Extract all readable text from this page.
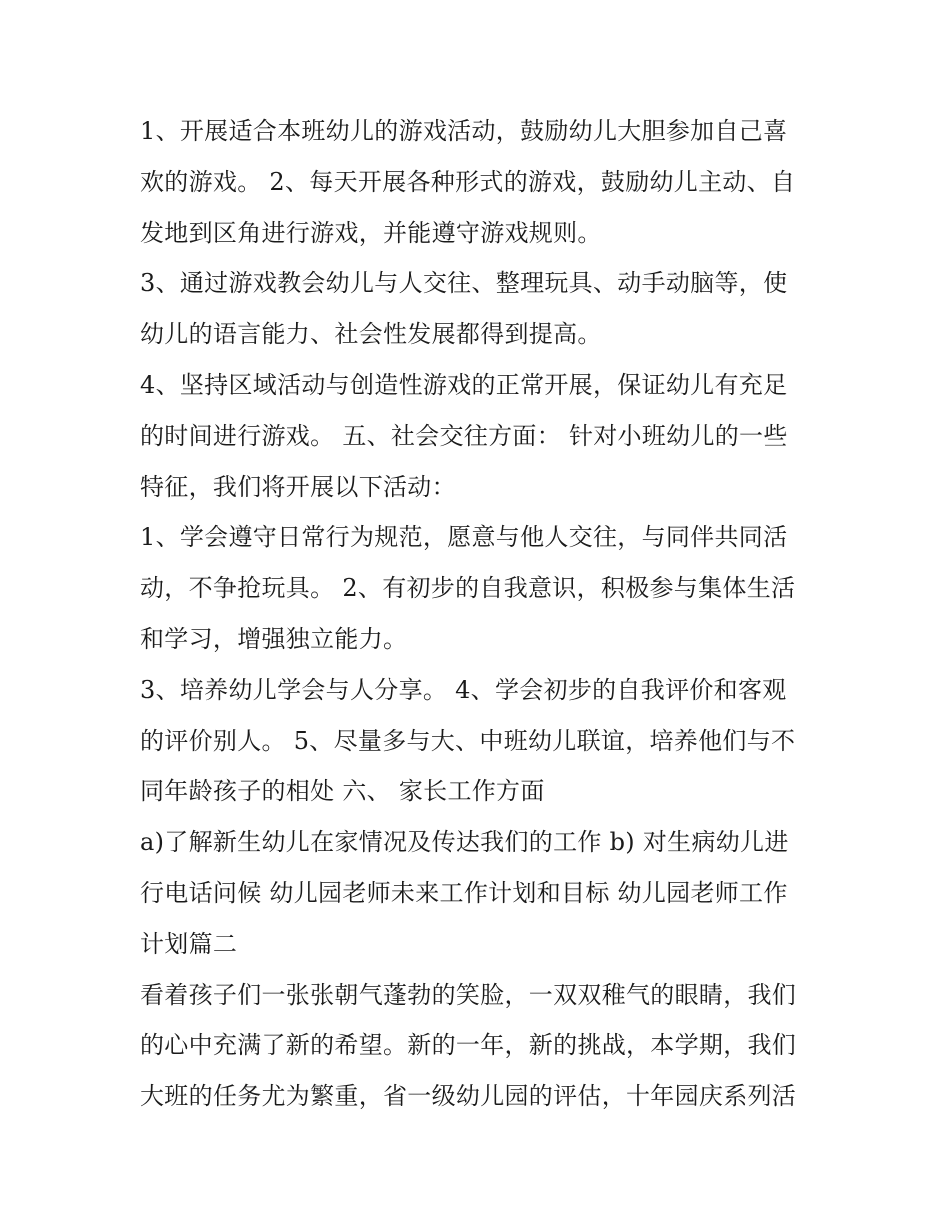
1、开展适合本班幼儿的游戏活动，鼓励幼儿大胆参加自己喜
欢的游戏。 2、每天开展各种形式的游戏，鼓励幼儿主动、自
发地到区角进行游戏，并能遵守游戏规则。
3、通过游戏教会幼儿与人交往、整理玩具、动手动脑等，使
幼儿的语言能力、社会性发展都得到提高。
4、坚持区域活动与创造性游戏的正常开展，保证幼儿有充足
的时间进行游戏。 五、社会交往方面： 针对小班幼儿的一些
特征，我们将开展以下活动：
1、学会遵守日常行为规范，愿意与他人交往，与同伴共同活
动，不争抢玩具。 2、有初步的自我意识，积极参与集体生活
和学习，增强独立能力。
3、培养幼儿学会与人分享。 4、学会初步的自我评价和客观
的评价别人。 5、尽量多与大、中班幼儿联谊，培养他们与不
同年龄孩子的相处 六、 家长工作方面
a)了解新生幼儿在家情况及传达我们的工作 b) 对生病幼儿进
行电话问候 幼儿园老师未来工作计划和目标 幼儿园老师工作
计划篇二
看着孩子们一张张朝气蓬勃的笑脸，一双双稚气的眼睛，我们
的心中充满了新的希望。新的一年，新的挑战，本学期，我们
大班的任务尤为繁重，省一级幼儿园的评估，十年园庆系列活
